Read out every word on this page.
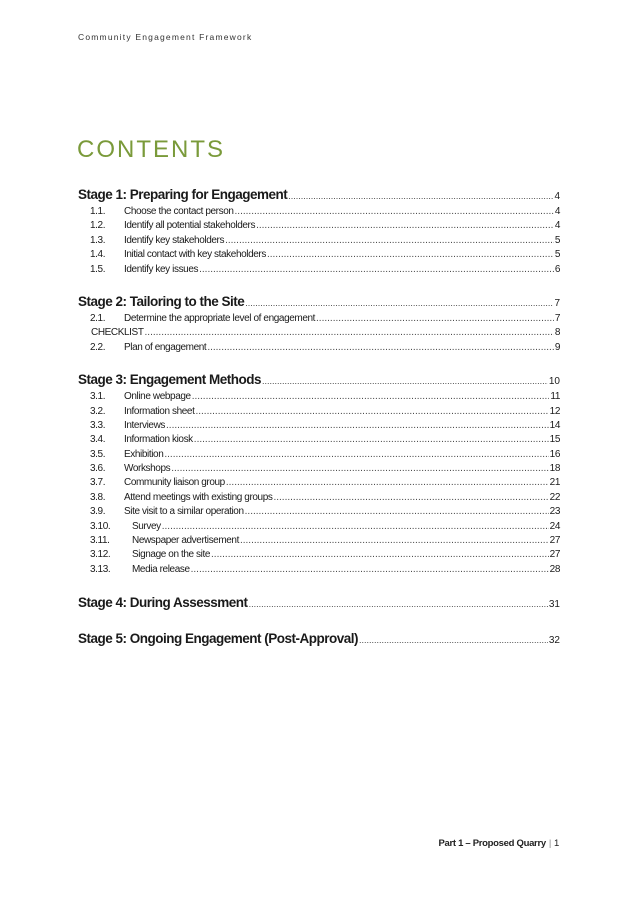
Community Engagement Framework
CONTENTS
Stage 1: Preparing for Engagement .....	4
1.1.	Choose the contact person .....	4
1.2.	Identify all potential stakeholders .....	4
1.3.	Identify key stakeholders .....	5
1.4.	Initial contact with key stakeholders .....	5
1.5.	Identify key issues .....	6
Stage 2: Tailoring to the Site .....	7
2.1.	Determine the appropriate level of engagement .....	7
CHECKLIST .....	8
2.2.	Plan of engagement .....	9
Stage 3: Engagement Methods .....	10
3.1.	Online webpage .....	11
3.2.	Information sheet .....	12
3.3.	Interviews .....	14
3.4.	Information kiosk .....	15
3.5.	Exhibition .....	16
3.6.	Workshops .....	18
3.7.	Community liaison group .....	21
3.8.	Attend meetings with existing groups .....	22
3.9.	Site visit to a similar operation .....	23
3.10.	Survey .....	24
3.11.	Newspaper advertisement .....	27
3.12.	Signage on the site .....	27
3.13.	Media release .....	28
Stage 4: During Assessment .....	31
Stage 5: Ongoing Engagement (Post-Approval) .....	32
Part 1 – Proposed Quarry | 1
